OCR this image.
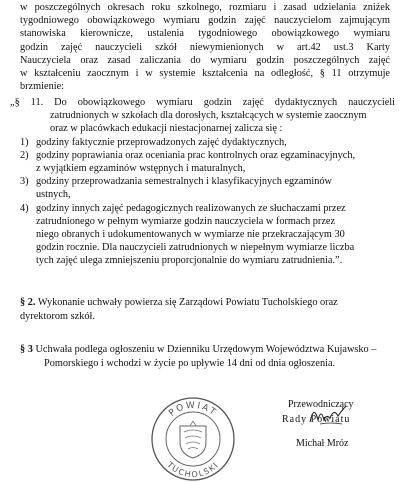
w poszczególnych okresach roku szkolnego, rozmiaru i zasad udzielania zniżek
tygodniowego obowiązkowego wymiaru godzin zajęć nauczycielom zajmującym
stanowiska kierownicze, ustalenia tygodniowego obowiązkowego wymiaru
godzin zajęć nauczycieli szkół niewymienionych w art.42 ust.3 Karty
Nauczyciela oraz zasad zaliczania do wymiaru godzin poszczególnych zajęć
w kształceniu zaocznym i w systemie kształcenia na odległość, § 11 otrzymuje
brzmienie:
„§ 11. Do obowiązkowego wymiaru godzin zajęć dydaktycznych nauczycieli
zatrudnionych w szkołach dla dorosłych, kształcących w systemie zaocznym
oraz w placówkach edukacji niestacjonarnej zalicza się :
1) godziny faktycznie przeprowadzonych zajęć dydaktycznych,
2) godziny poprawiania oraz oceniania prac kontrolnych oraz egzaminacyjnych,
z wyjątkiem egzaminów wstępnych i maturalnych,
3) godziny przeprowadzania semestralnych i klasyfikacyjnych egzaminów
ustnych,
4) godziny innych zajęć pedagogicznych realizowanych ze słuchaczami przez
zatrudnionego w pełnym wymiarze godzin nauczyciela w formach przez
niego obranych i udokumentowanych w wymiarze nie przekraczającym 30
godzin rocznie. Dla nauczycieli zatrudnionych w niepełnym wymiarze liczba
tych zajęć ulega zmniejszeniu proporcjonalnie do wymiaru zatrudnienia.”.
§ 2. Wykonanie uchwały powierza się Zarządowi Powiatu Tucholskiego oraz
dyrektorom szkół.
§ 3 Uchwała podlega ogłoszeniu w Dzienniku Urzędowym Województwa Kujawsko –
Pomorskiego i wchodzi w życie po upływie 14 dni od dnia ogłoszenia.
POWIAT
TUCHOLSKI
Przewodniczący
Rady Powiatu
Michał Mróz
